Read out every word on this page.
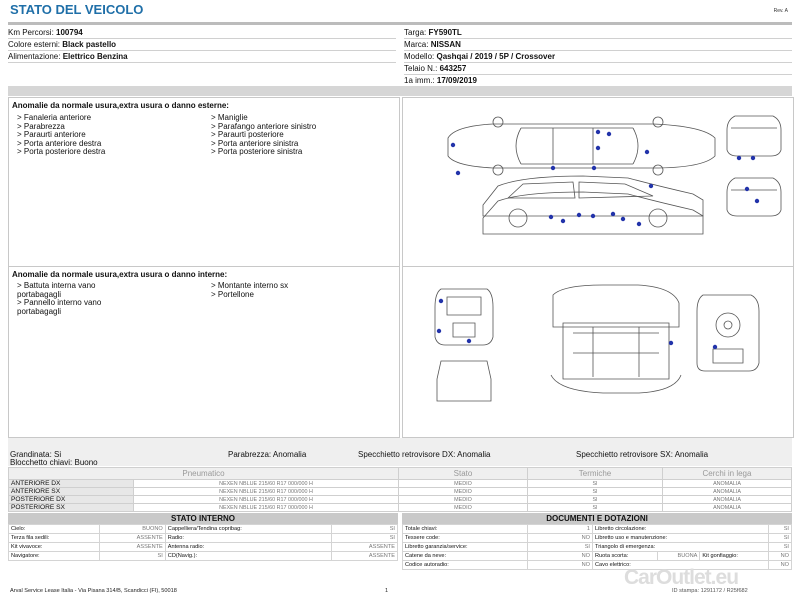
STATO DEL VEICOLO	Rev. A
Km Percorsi: 100794
Colore esterni: Black pastello
Alimentazione: Elettrico Benzina
Targa: FY590TL
Marca: NISSAN
Modello: Qashqai / 2019 / 5P / Crossover
Telaio N.: 643257
1a imm.: 17/09/2019
Anomalie da normale usura,extra usura o danno esterne:
> Fanaleria anteriore
> Parabrezza
> Paraurti anteriore
> Porta anteriore destra
> Porta posteriore destra
> Maniglie
> Parafango anteriore sinistro
> Paraurti posteriore
> Porta anteriore sinistra
> Porta posteriore sinistra
Anomalie da normale usura,extra usura o danno interne:
> Battuta interna vano
portabagagli
> Pannello interno vano
portabagagli
> Montante interno sx
> Portellone
Grandinata: Si	Parabrezza: Anomalia	Specchietto retrovisore DX: Anomalia	Specchietto retrovisore SX: Anomalia
Blocchetto chiavi: Buono
Pneumatico		Stato	Termiche	Cerchi in lega
ANTERIORE DX	NEXEN NBLUE 215/60 R17 000/000 H	MEDIO	SI	ANOMALIA
ANTERIORE SX	NEXEN NBLUE 215/60 R17 000/000 H	MEDIO	SI	ANOMALIA
POSTERIORE DX	NEXEN NBLUE 215/60 R17 000/000 H	MEDIO	SI	ANOMALIA
POSTERIORE SX	NEXEN NBLUE 215/60 R17 000/000 H	MEDIO	SI	ANOMALIA
STATO INTERNO
Cielo:	BUONO	Cappelliera/Tendina copribag:	SI
Terza fila sedili:	ASSENTE	Radio:	SI
Kit vivavoce:	ASSENTE	Antenna radio:	ASSENTE
Navigatore:	SI	CD(Navig.):	ASSENTE
DOCUMENTI E DOTAZIONI
Totale chiavi:	1	Libretto circolazione:			SI
Tessere code:	NO	Libretto uso e manutenzione:			SI
Libretto garanzia/service:	SI	Triangolo di emergenza:			SI
Catene da neve:	NO	Ruota scorta:	BUONA	Kit gonfiaggio:	NO
Codice autoradio:	NO	Cavo elettrico:			NO
Arval Service Lease Italia - Via Pisana 314/B, Scandicci (FI), 50018	1	ID stampa: 1291172 / R25f682
CarOutlet.eu
